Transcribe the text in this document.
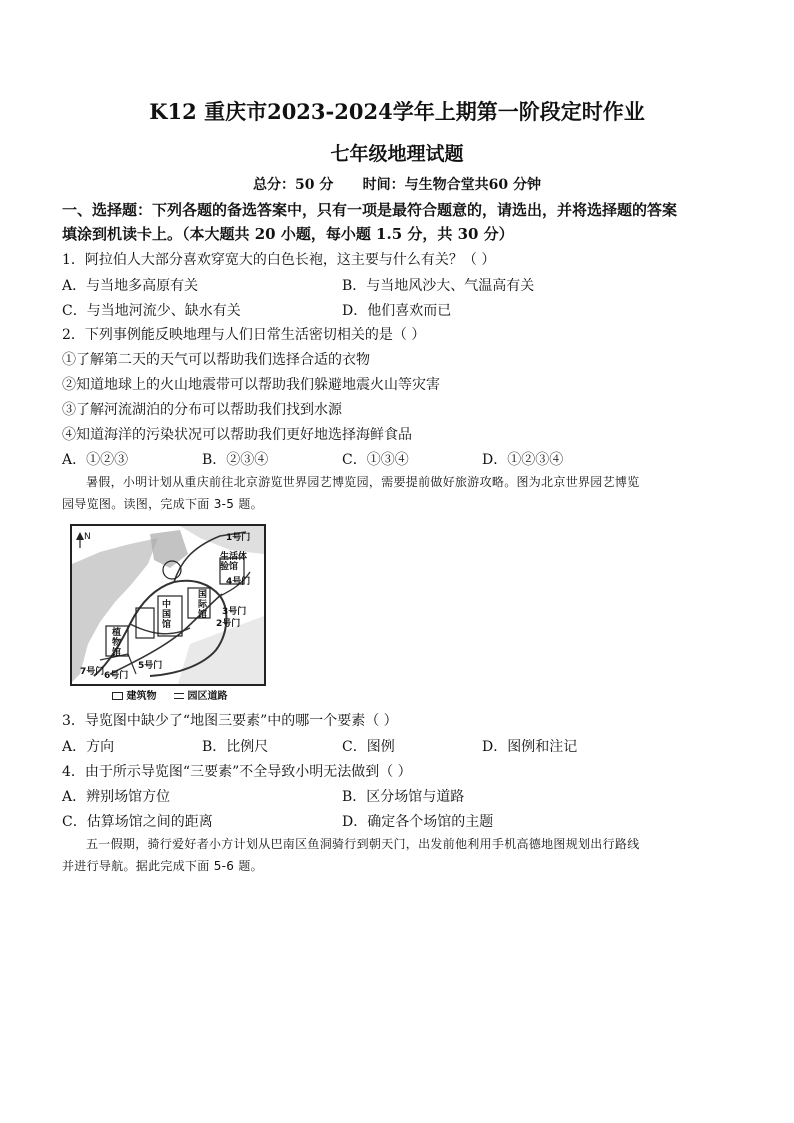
K12 重庆市2023-2024学年上期第一阶段定时作业
七年级地理试题
总分：50 分      时间：与生物合堂共60 分钟
一、选择题：下列各题的备选答案中，只有一项是最符合题意的，请选出，并将选择题的答案
填涂到机读卡上。（本大题共 20 小题，每小题 1.5 分，共 30 分）
1．阿拉伯人大部分喜欢穿宽大的白色长袍，这主要与什么有关？（ ）
A．与当地多高原有关	B．与当地风沙大、气温高有关
C．与当地河流少、缺水有关	D．他们喜欢而已
2．下列事例能反映地理与人们日常生活密切相关的是（ ）
①了解第二天的天气可以帮助我们选择合适的衣物
②知道地球上的火山地震带可以帮助我们躲避地震火山等灾害
③了解河流湖泊的分布可以帮助我们找到水源
④知道海洋的污染状况可以帮助我们更好地选择海鲜食品
A．①②③	B．②③④	C．①③④	D．①②③④
暑假，小明计划从重庆前往北京游览世界园艺博览园，需要提前做好旅游攻略。图为北京世界园艺博览
园导览图。读图，完成下面 3-5 题。
N	1号门
生活体验馆
4号门
国际馆	3号门
2号门
中国馆
植物馆
7号门
5号门
6号门
建筑物	园区道路
3．导览图中缺少了“地图三要素”中的哪一个要素（ ）
A．方向	B．比例尺	C．图例	D．图例和注记
4．由于所示导览图“三要素”不全导致小明无法做到（ ）
A．辨别场馆方位	B．区分场馆与道路
C．估算场馆之间的距离	D．确定各个场馆的主题
五一假期，骑行爱好者小方计划从巴南区鱼洞骑行到朝天门，出发前他利用手机高德地图规划出行路线
并进行导航。据此完成下面 5-6 题。
